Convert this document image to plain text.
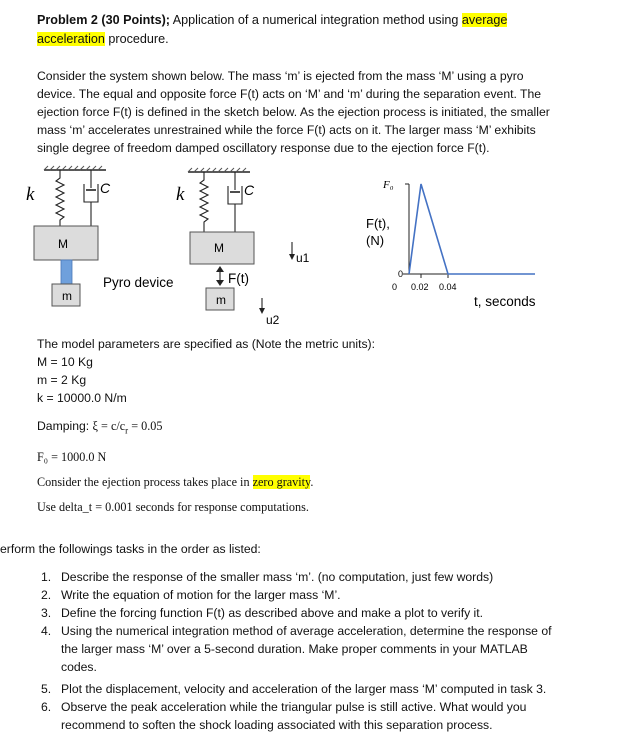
Problem 2 (30 Points); Application of a numerical integration method using average
acceleration procedure.
Consider the system shown below. The mass ‘m’ is ejected from the mass ‘M’ using a pyro
device. The equal and opposite force F(t) acts on ‘M’ and ‘m’ during the separation event. The
ejection force F(t) is defined in the sketch below. As the ejection process is initiated, the smaller
mass ‘m’ accelerates unrestrained while the force F(t) acts on it. The larger mass ‘M’ exhibits
single degree of freedom damped oscillatory response due to the ejection force F(t).
k	C
M
m
Pyro device
k	C
M
m
F(t)
u1
u2
F₀
F(t),
(N)
0
0 0.02 0.04
t, seconds
The model parameters are specified as (Note the metric units):
M = 10 Kg
m = 2 Kg
k = 10000.0 N/m
Damping: $\xi = c/c_r = 0.05$
F₀ = 1000.0 N
Consider the ejection process takes place in zero gravity.
Use delta_t = 0.001 seconds for response computations.
erform the followings tasks in the order as listed:
1. Describe the response of the smaller mass ‘m’. (no computation, just few words)
2. Write the equation of motion for the larger mass ‘M’.
3. Define the forcing function F(t) as described above and make a plot to verify it.
4. Using the numerical integration method of average acceleration, determine the response of
the larger mass ‘M’ over a 5-second duration. Make proper comments in your MATLAB
codes.
5. Plot the displacement, velocity and acceleration of the larger mass ‘M’ computed in task 3.
6. Observe the peak acceleration while the triangular pulse is still active. What would you
recommend to soften the shock loading associated with this separation process.
